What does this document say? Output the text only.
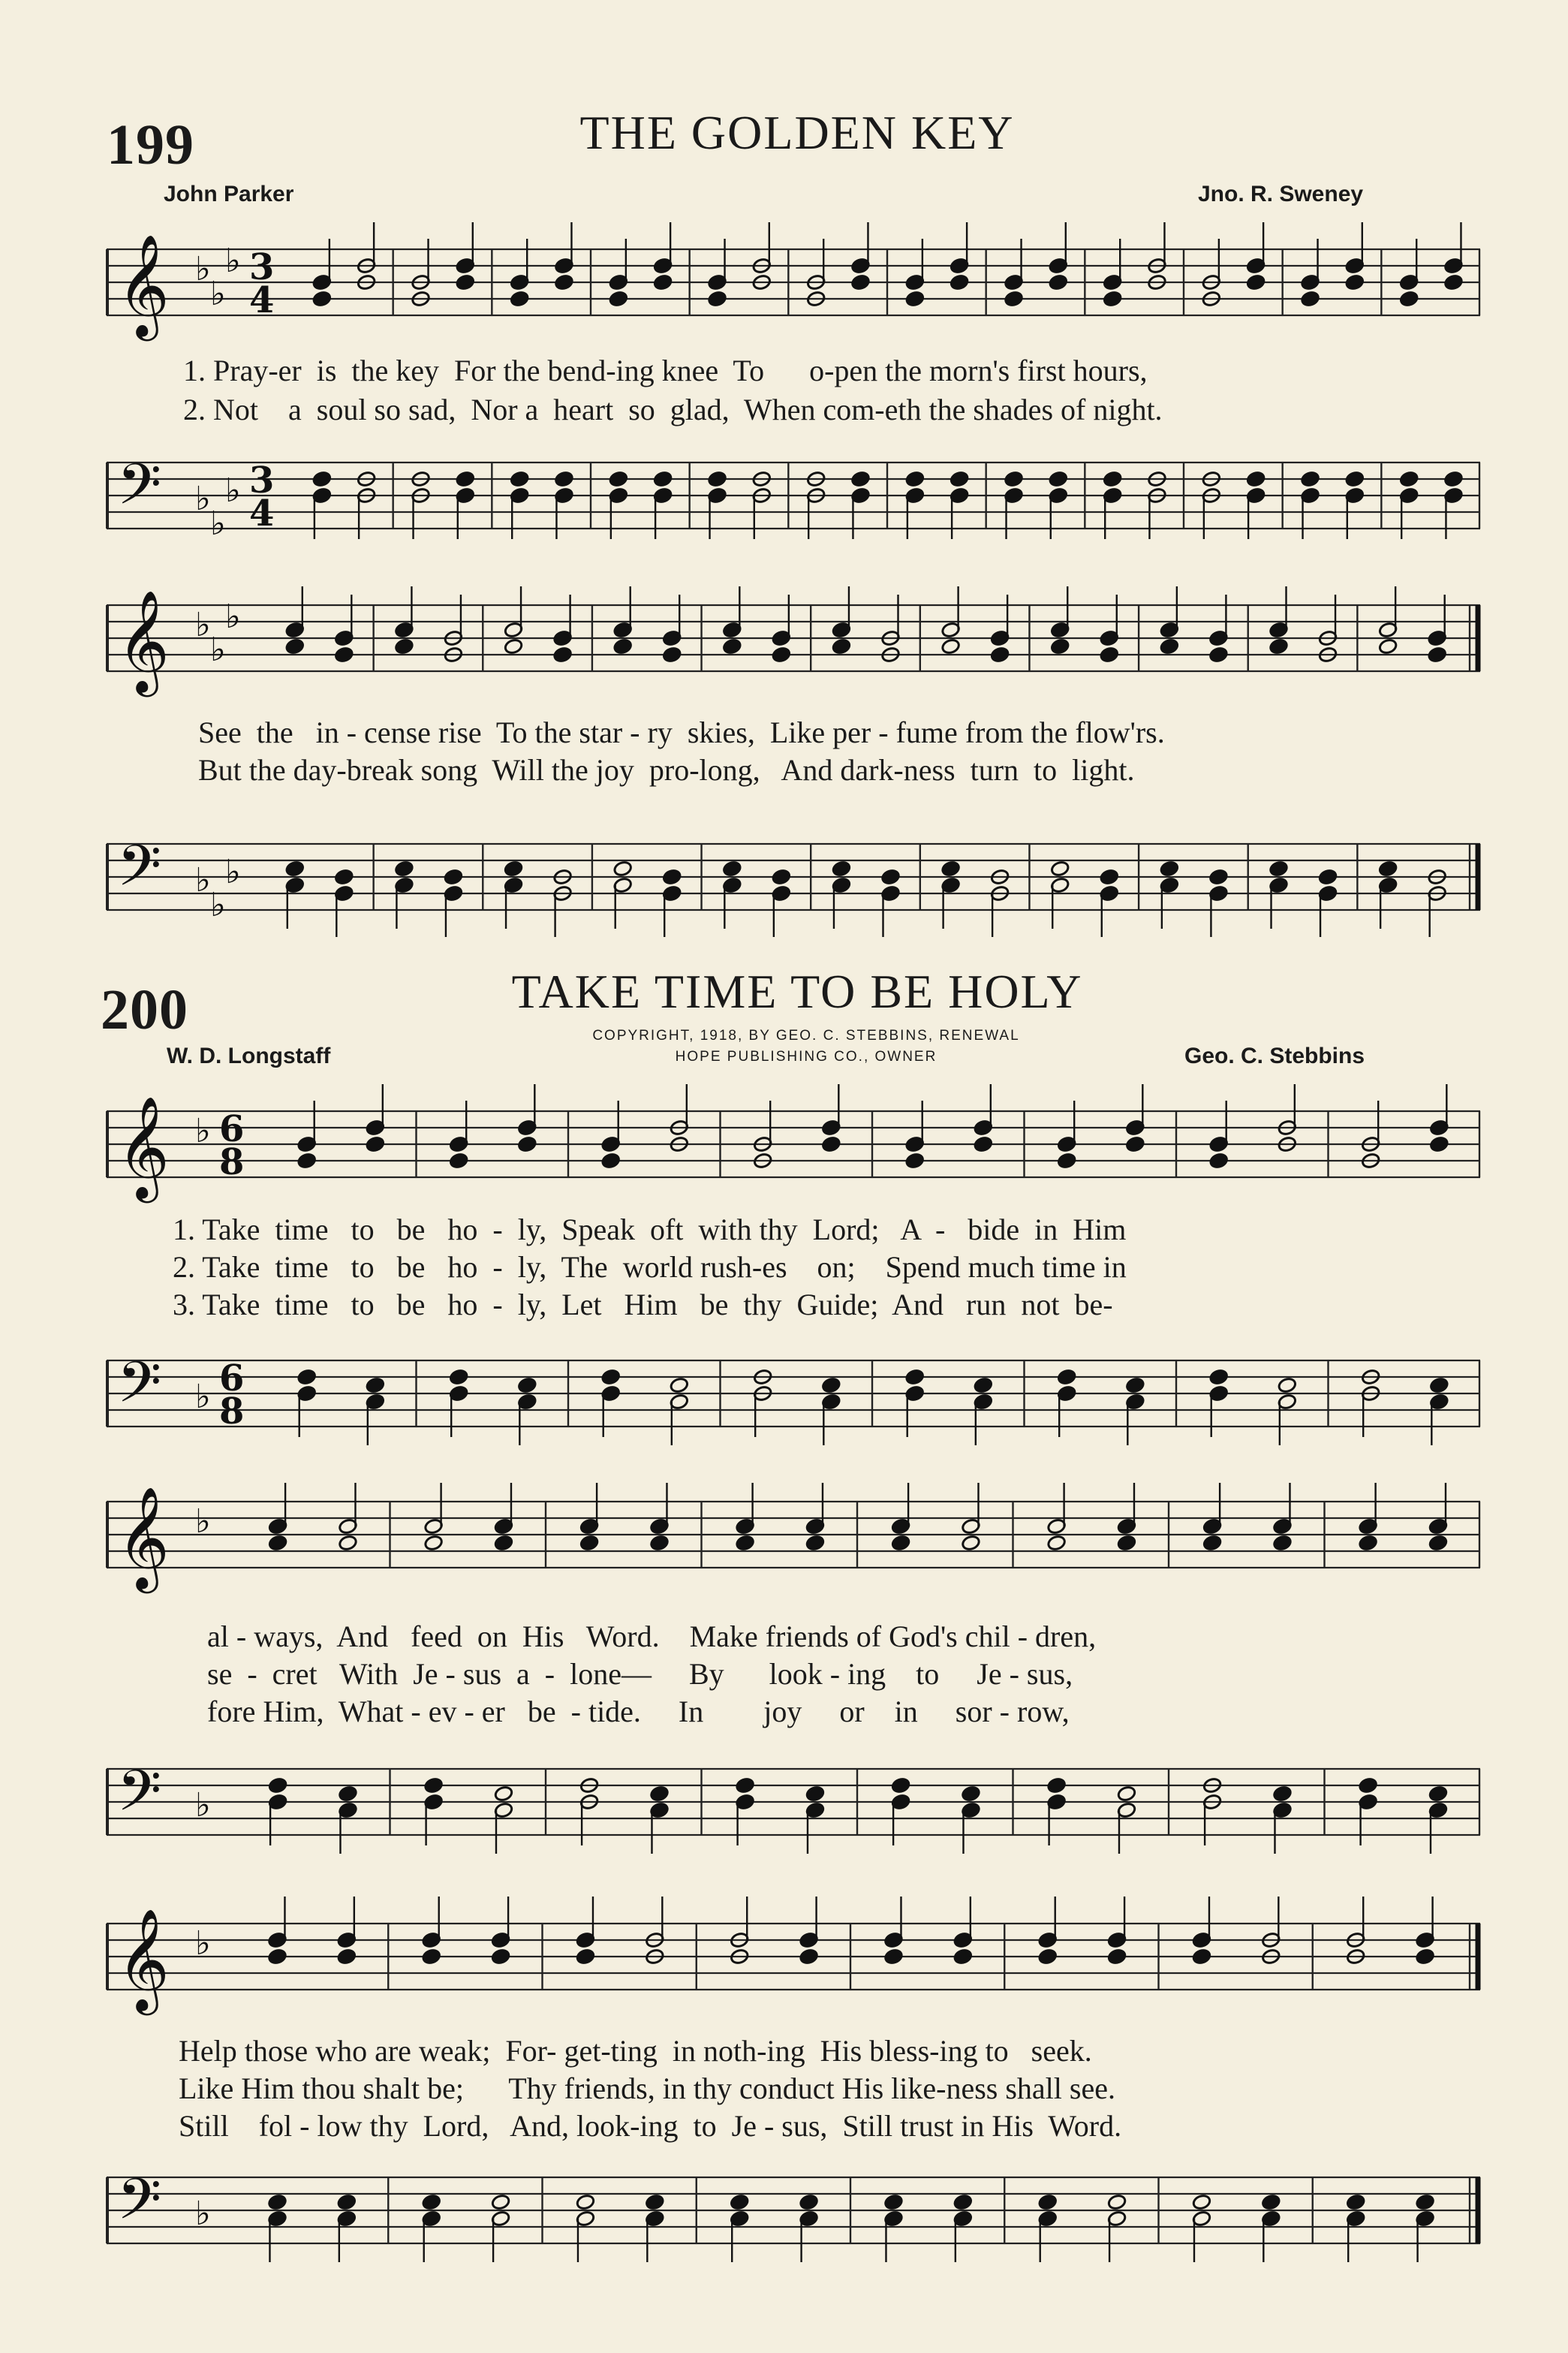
199	THE GOLDEN KEY
John Parker	Jno. R. Sweney
𝄞 ♭
♭
♭ 3
4
1. Pray-er  is  the key  For the bend-ing knee  To      o-pen the morn's first hours,
2. Not    a  soul so sad,  Nor a  heart  so  glad,  When com-eth the shades of night.
𝄢 ♭
♭
♭ 3
4
𝄞 ♭
♭
♭
See  the   in - cense rise  To the star - ry  skies,  Like per - fume from the flow'rs.
But the day-break song  Will the joy  pro-long,   And dark-ness  turn  to  light.
𝄢 ♭
♭
♭
200	TAKE TIME TO BE HOLY
COPYRIGHT, 1918, BY GEO. C. STEBBINS, RENEWAL
HOPE PUBLISHING CO., OWNER
W. D. Longstaff	Geo. C. Stebbins
𝄞 ♭ 6
8
1. Take  time   to   be   ho  -  ly,  Speak  oft  with thy  Lord;   A  -   bide  in  Him
2. Take  time   to   be   ho  -  ly,  The  world rush-es    on;    Spend much time in
3. Take  time   to   be   ho  -  ly,  Let   Him   be  thy  Guide;  And   run  not  be-
𝄢 ♭ 6
8
𝄞 ♭
al - ways,  And   feed  on  His   Word.    Make friends of God's chil - dren,
se  -  cret   With  Je - sus  a  -  lone—     By      look - ing    to     Je - sus,
fore Him,  What - ev - er   be  - tide.     In        joy     or    in     sor - row,
𝄢 ♭
𝄞 ♭
Help those who are weak;  For- get-ting  in noth-ing  His bless-ing to   seek.
Like Him thou shalt be;      Thy friends, in thy conduct His like-ness shall see.
Still    fol - low thy  Lord,   And, look-ing  to  Je - sus,  Still trust in His  Word.
𝄢 ♭
